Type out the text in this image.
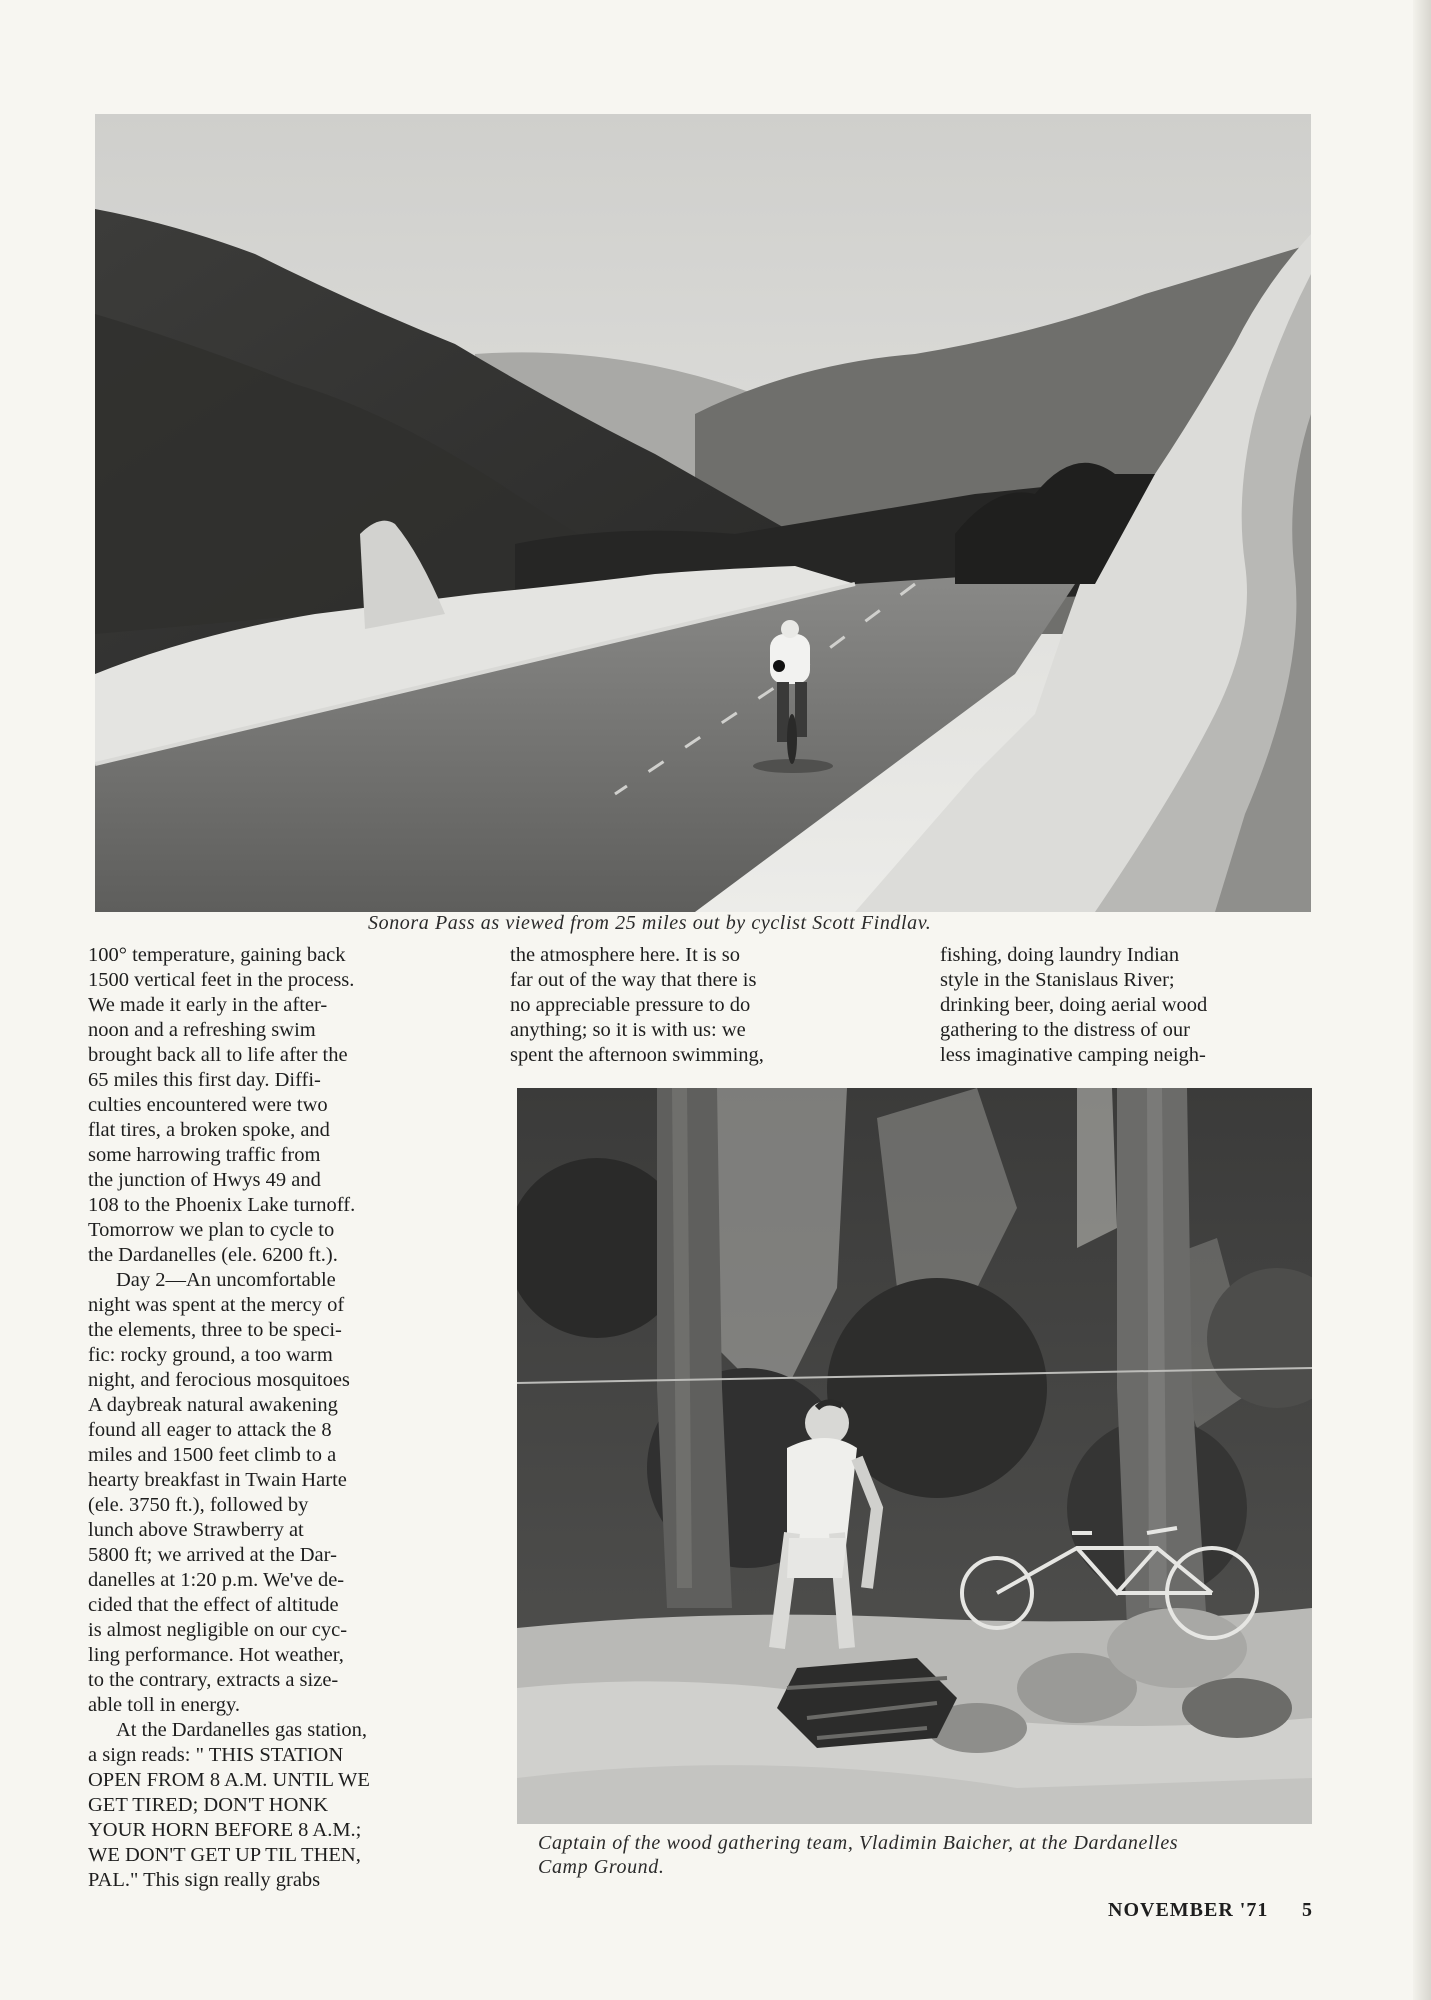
Sonora Pass as viewed from 25 miles out by cyclist Scott Findlav.

100° temperature, gaining back
1500 vertical feet in the process.
We made it early in the after-
noon and a refreshing swim
brought back all to life after the
65 miles this first day. Diffi-
culties encountered were two
flat tires, a broken spoke, and
some harrowing traffic from
the junction of Hwys 49 and
108 to the Phoenix Lake turnoff.
Tomorrow we plan to cycle to
the Dardanelles (ele. 6200 ft.).

Day 2—An uncomfortable
night was spent at the mercy of
the elements, three to be speci-
fic: rocky ground, a too warm
night, and ferocious mosquitoes
A daybreak natural awakening
found all eager to attack the 8
miles and 1500 feet climb to a
hearty breakfast in Twain Harte
(ele. 3750 ft.), followed by
lunch above Strawberry at
5800 ft; we arrived at the Dar-
danelles at 1:20 p.m. We've de-
cided that the effect of altitude
is almost negligible on our cyc-
ling performance. Hot weather,
to the contrary, extracts a size-
able toll in energy.

At the Dardanelles gas station,
a sign reads: " THIS STATION
OPEN FROM 8 A.M. UNTIL WE
GET TIRED; DON'T HONK
YOUR HORN BEFORE 8 A.M.;
WE DON'T GET UP TIL THEN,
PAL." This sign really grabs

the atmosphere here. It is so
far out of the way that there is
no appreciable pressure to do
anything; so it is with us: we
spent the afternoon swimming,

fishing, doing laundry Indian
style in the Stanislaus River;
drinking beer, doing aerial wood
gathering to the distress of our
less imaginative camping neigh-

Captain of the wood gathering team, Vladimin Baicher, at the Dardanelles
Camp Ground.
NOVEMBER '71 5
